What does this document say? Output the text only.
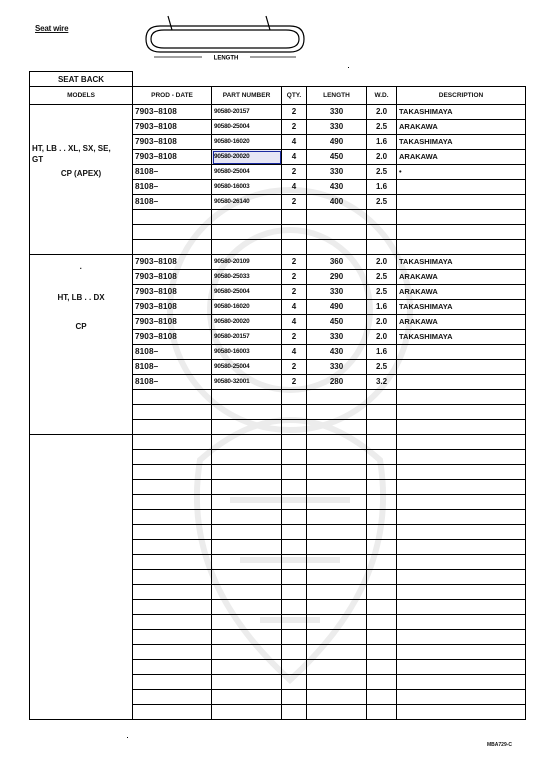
Seat wire
LENGTH
SEAT BACK
MODELS	PROD - DATE	PART NUMBER	QTY.	LENGTH	W.D.	DESCRIPTION

HT, LB . . XL, SX, SE,
GT
CP (APEX)	7903–8108	90580-20157	2	330	2.0	TAKASHIMAYA
	7903–8108	90580-25004	2	330	2.5	ARAKAWA
	7903–8108	90580-16020	4	490	1.6	TAKASHIMAYA
	7903–8108	90580-20020	4	450	2.0	ARAKAWA
	8108–	90580-25004	2	330	2.5	•
	8108–	90580-16003	4	430	1.6	
	8108–	90580-26140	2	400	2.5	

·
HT, LB . . DX
CP	7903–8108	90580-20109	2	360	2.0	TAKASHIMAYA
	7903–8108	90580-25033	2	290	2.5	ARAKAWA
	7903–8108	90580-25004	2	330	2.5	ARAKAWA
	7903–8108	90580-16020	4	490	1.6	TAKASHIMAYA
	7903–8108	90580-20020	4	450	2.0	ARAKAWA
	7903–8108	90580-20157	2	330	2.0	TAKASHIMAYA
	8108–	90580-16003	4	430	1.6	
	8108–	90580-25004	2	330	2.5	
	8108–	90580-32001	2	280	3.2	

MBA729-C
